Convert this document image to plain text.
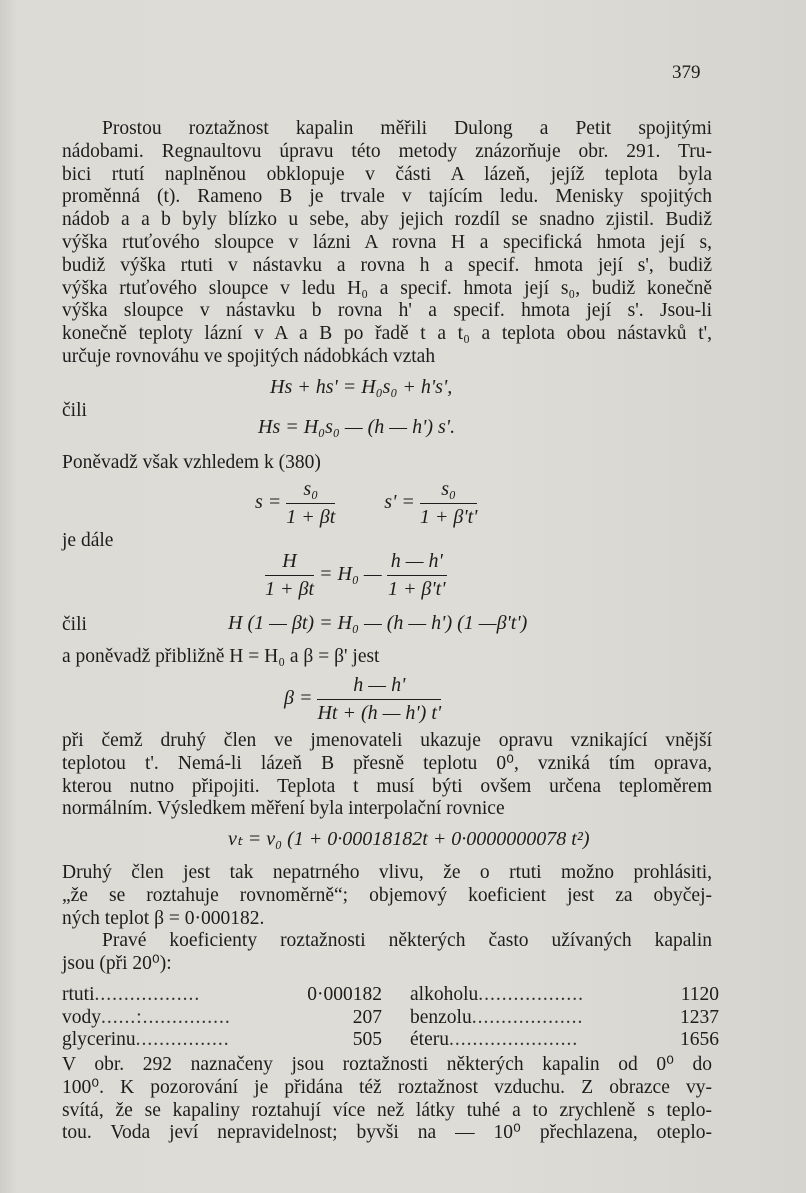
379
Prostou roztažnost kapalin měřili Dulong a Petit spojitými
nádobami. Regnaultovu úpravu této metody znázorňuje obr. 291. Tru-
bici rtutí naplněnou obklopuje v části A lázeň, jejíž teplota byla
proměnná (t). Rameno B je trvale v tajícím ledu. Menisky spojitých
nádob a a b byly blízko u sebe, aby jejich rozdíl se snadno zjistil. Budiž
výška rtuťového sloupce v lázni A rovna H a specifická hmota její s,
budiž výška rtuti v nástavku a rovna h a specif. hmota její s', budiž
výška rtuťového sloupce v ledu H₀ a specif. hmota její s₀, budiž konečně
výška sloupce v nástavku b rovna h' a specif. hmota její s'. Jsou-li
konečně teploty lázní v A a B po řadě t a t₀ a teplota obou nástavků t',
určuje rovnováhu ve spojitých nádobkách vztah
Hs + hs' = H₀s₀ + h's',
čili
Hs = H₀s₀ — (h — h') s'.
Poněvadž však vzhledem k (380)
$s = \frac{\text{s₀}}{1 + \beta t} s' = \frac{\text{s₀}}{1 + \beta't'}$
je dále
$\frac{H}{1 + \beta t} = H_0$ — $\frac{h — h'}{1 + \beta't'}$
čili	H (1 — βt) = H₀ — (h — h') (1 —β't')
a poněvadž přibližně H = H₀ a β = β' jest
$\beta = \frac{h — h'}{Ht + (h — h') t'}$
při čemž druhý člen ve jmenovateli ukazuje opravu vznikající vnější
teplotou t'. Nemá-li lázeň B přesně teplotu 0⁰, vzniká tím oprava,
kterou nutno připojiti. Teplota t musí býti ovšem určena teploměrem
normálním. Výsledkem měření byla interpolační rovnice
vₜ = v₀ (1 + 0·00018182t + 0·0000000078 t²)
Druhý člen jest tak nepatrného vlivu, že o rtuti možno prohlásiti,
„že se roztahuje rovnoměrně“; objemový koeficient jest za obyčej-
ných teplot β = 0·000182.
Pravé koeficienty roztažnosti některých často užívaných kapalin
jsou (při 20⁰):
rtuti..................	0·000182 alkoholu..................	1120
vody......:...............	207 benzolu...................	1237
glycerinu................	505 éteru......................	1656
V obr. 292 naznačeny jsou roztažnosti některých kapalin od 0⁰ do
100⁰. K pozorování je přidána též roztažnost vzduchu. Z obrazce vy-
svítá, že se kapaliny roztahují více než látky tuhé a to zrychleně s teplo-
tou. Voda jeví nepravidelnost; byvši na — 10⁰ přechlazena, oteplo-
